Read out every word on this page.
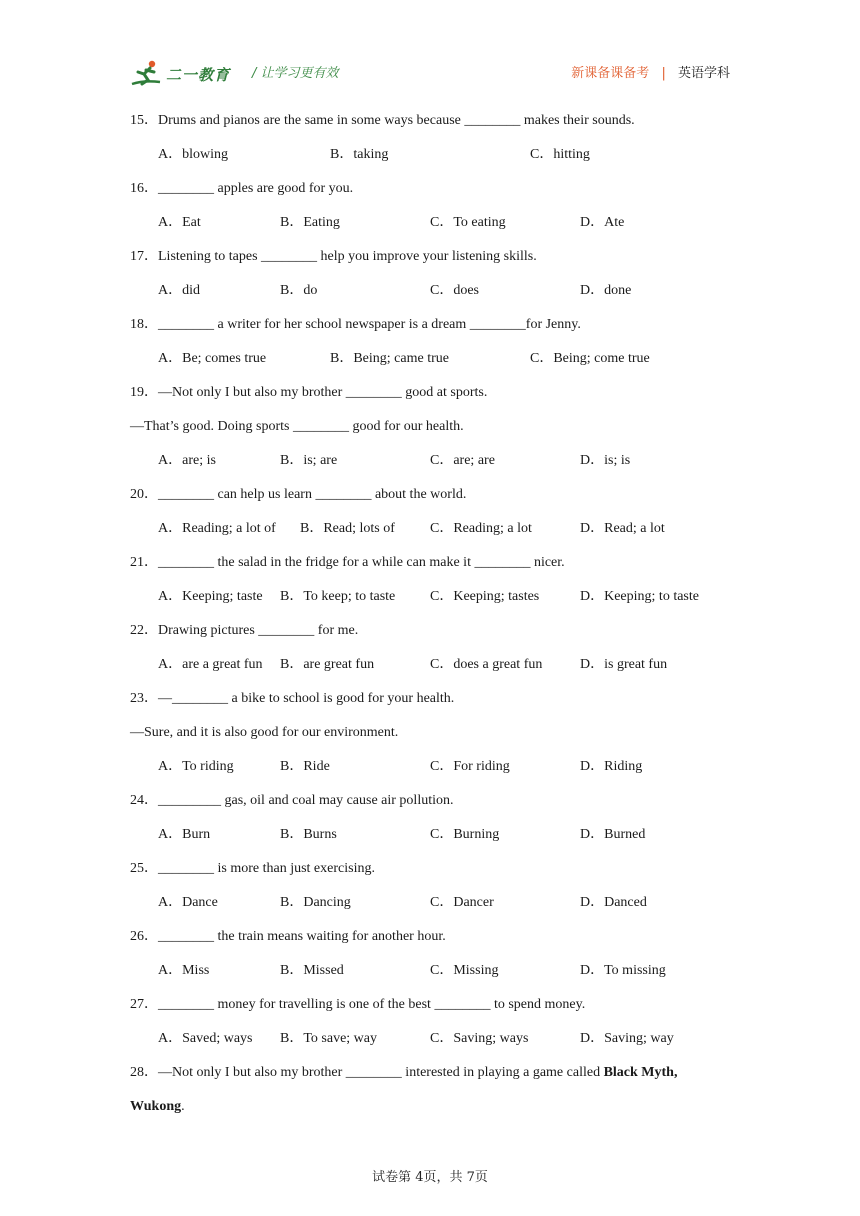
二一教育 / 让学习更有效	新课备课备考 | 英语学科
15．Drums and pianos are the same in some ways because ________ makes their sounds.
A．blowing	B．taking	C．hitting
16．________ apples are good for you.
A．Eat	B．Eating	C．To eating	D．Ate
17．Listening to tapes ________ help you improve your listening skills.
A．did	B．do	C．does	D．done
18．________ a writer for her school newspaper is a dream ________for Jenny.
A．Be; comes true	B．Being; came true	C．Being; come true
19．—Not only I but also my brother ________ good at sports.
—That’s good. Doing sports ________ good for our health.
A．are; is	B．is; are	C．are; are	D．is; is
20．________ can help us learn ________ about the world.
A．Reading; a lot of B．Read; lots of	C．Reading; a lot	D．Read; a lot
21．________ the salad in the fridge for a while can make it ________ nicer.
A．Keeping; taste B．To keep; to taste C．Keeping; tastes	D．Keeping; to taste
22．Drawing pictures ________ for me.
A．are a great fun B．are great fun	C．does a great fun	D．is great fun
23．—________ a bike to school is good for your health.
—Sure, and it is also good for our environment.
A．To riding	B．Ride	C．For riding	D．Riding
24．_________ gas, oil and coal may cause air pollution.
A．Burn	B．Burns	C．Burning	D．Burned
25．________ is more than just exercising.
A．Dance	B．Dancing	C．Dancer	D．Danced
26．________ the train means waiting for another hour.
A．Miss	B．Missed	C．Missing	D．To missing
27．________ money for travelling is one of the best ________ to spend money.
A．Saved; ways B．To save; way	C．Saving; ways	D．Saving; way
28．—Not only I but also my brother ________ interested in playing a game called Black Myth,
Wukong.
试卷第 4页，共 7页
